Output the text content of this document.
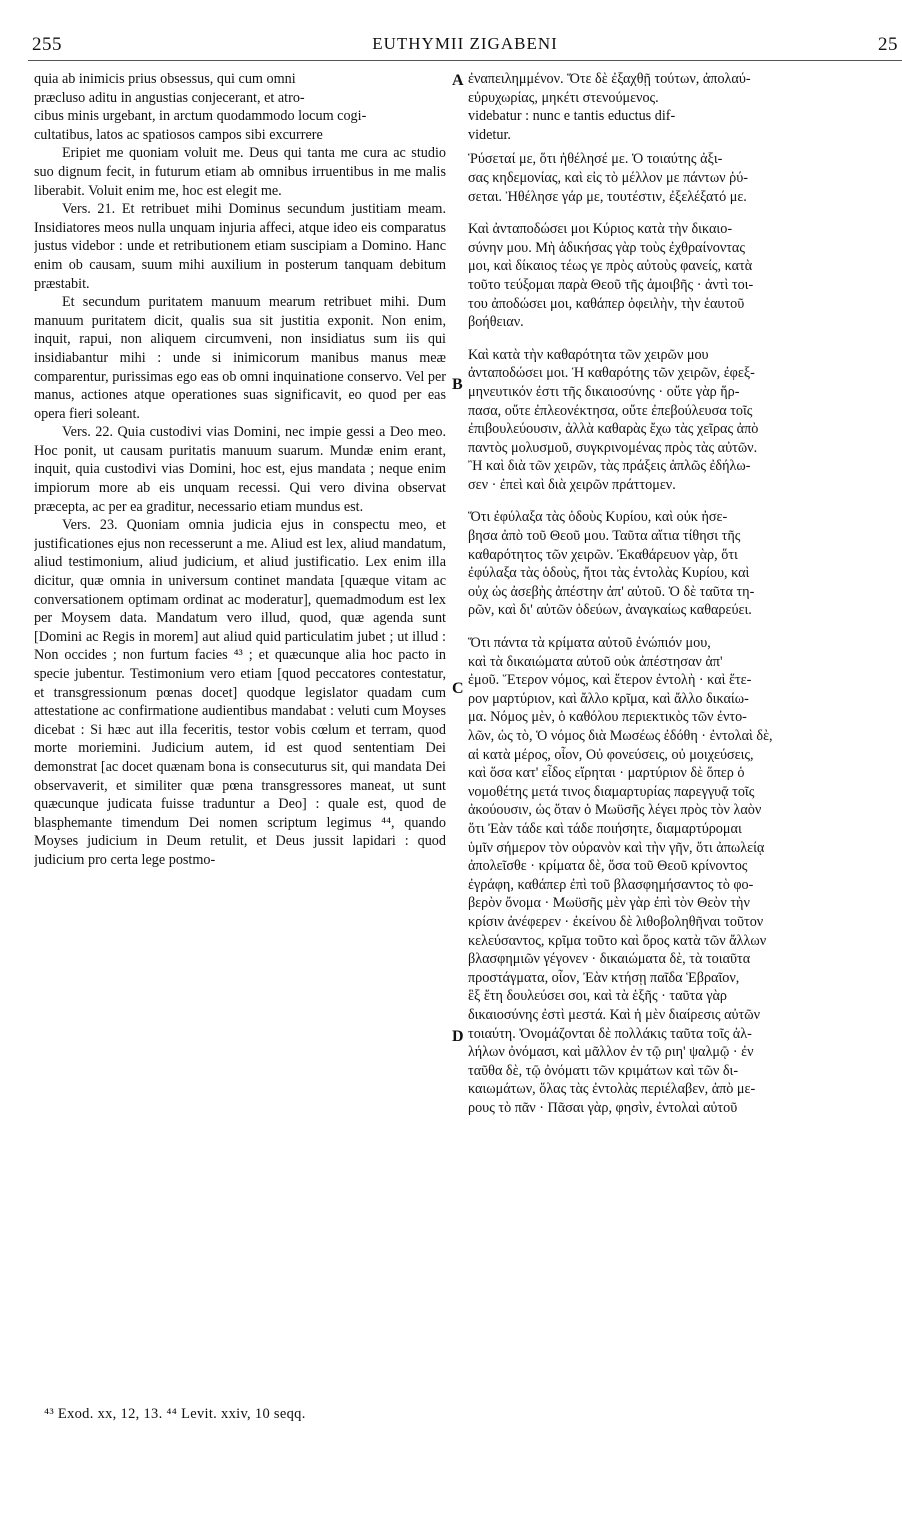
255	EUTHYMII ZIGABENI	25

quia ab inimicis prius obsessus, qui cum omni

præcluso aditu in angustias conjecerant, et atro-

cibus minis urgebant, in arctum quodammodo locum cogi-

cultatibus, latos ac spatiosos campos sibi excurrere

Eripiet me quoniam voluit me. Deus qui tanta me cura ac studio suo dignum fecit, in futurum etiam ab omnibus irruentibus in me malis liberabit. Voluit enim me, hoc est elegit me.

Vers. 21. Et retribuet mihi Dominus secundum justitiam meam. Insidiatores meos nulla unquam injuria affeci, atque ideo eis comparatus justus videbor : unde et retributionem etiam suscipiam a Domino. Hanc enim ob causam, suum mihi auxilium in posterum tanquam debitum præstabit.

Et secundum puritatem manuum mearum retribuet mihi. Dum manuum puritatem dicit, qualis sua sit justitia exponit. Non enim, inquit, rapui, non aliquem circumveni, non insidiatus sum iis qui insidiabantur mihi : unde si inimicorum manibus manus meæ comparentur, purissimas ego eas ob omni inquinatione conservo. Vel per manus, actiones atque operationes suas significavit, eo quod per eas opera fieri soleant.

Vers. 22. Quia custodivi vias Domini, nec impie gessi a Deo meo. Hoc ponit, ut causam puritatis manuum suarum. Mundæ enim erant, inquit, quia custodivi vias Domini, hoc est, ejus mandata ; neque enim impiorum more ab eis unquam recessi. Qui vero divina observat præcepta, ac per ea graditur, necessario etiam mundus est.

Vers. 23. Quoniam omnia judicia ejus in conspectu meo, et justificationes ejus non recesserunt a me. Aliud est lex, aliud mandatum, aliud testimonium, aliud judicium, et aliud justificatio. Lex enim illa dicitur, quæ omnia in universum continet mandata [quæque vitam ac conversationem optimam ordinat ac moderatur], quemadmodum est lex per Moysem data. Mandatum vero illud, quod, quæ agenda sunt [Domini ac Regis in morem] aut aliud quid particulatim jubet ; ut illud : Non occides ; non furtum facies ⁴³ ; et quæcunque alia hoc pacto in specie jubentur. Testimonium vero etiam [quod peccatores contestatur, et transgressionum pœnas docet] quodque legislator quadam cum attestatione ac confirmatione audientibus mandabat : veluti cum Moyses dicebat : Si hæc aut illa feceritis, testor vobis cœlum et terram, quod morte moriemini. Judicium autem, id est quod sententiam Dei demonstrat [ac docet quænam bona is consecuturus sit, qui mandata Dei observaverit, et similiter quæ pœna transgressores maneat, ut sunt quæcunque judicata fuisse traduntur a Deo] : quale est, quod de blasphemante timendum Dei nomen scriptum legimus ⁴⁴, quando Moyses judicium in Deum retulit, et Deus jussit lapidari : quod judicium pro certa lege postmo-

ἐναπειλημμένον. Ὅτε δὲ ἐξαχθῇ τούτων, ἀπολαύ-

εὐρυχωρίας, μηκέτι στενούμενος.

videbatur : nunc e tantis eductus dif-

videtur.

Ῥύσεταί με, ὅτι ἠθέλησέ με. Ὁ τοιαύτης ἀξι-

σας κηδεμονίας, καὶ εἰς τὸ μέλλον με πάντων ῥύ-

σεται. Ἠθέλησε γάρ με, τουτέστιν, ἐξελέξατό με.

Καὶ ἀνταποδώσει μοι Κύριος κατὰ τὴν δικαιο-

σύνην μου. Μὴ ἀδικήσας γὰρ τοὺς ἐχθραίνοντας

μοι, καὶ δίκαιος τέως γε πρὸς αὐτοὺς φανείς, κατὰ

τοῦτο τεύξομαι παρὰ Θεοῦ τῆς ἀμοιβῆς · ἀντὶ τοι-

του ἀποδώσει μοι, καθάπερ ὀφειλὴν, τὴν ἑαυτοῦ

βοήθειαν.

Καὶ κατὰ τὴν καθαρότητα τῶν χειρῶν μου

ἀνταποδώσει μοι. Ἡ καθαρότης τῶν χειρῶν, ἐφεξ-

μηνευτικόν ἐστι τῆς δικαιοσύνης · οὔτε γὰρ ἥρ-

πασα, οὔτε ἐπλεονέκτησα, οὔτε ἐπεβούλευσα τοῖς

ἐπιβουλεύουσιν, ἀλλὰ καθαρὰς ἔχω τὰς χεῖρας ἀπὸ

παντὸς μολυσμοῦ, συγκρινομένας πρὸς τὰς αὐτῶν.

Ἢ καὶ διὰ τῶν χειρῶν, τὰς πράξεις ἁπλῶς ἐδήλω-

σεν · ἐπεὶ καὶ διὰ χειρῶν πράττομεν.

Ὅτι ἐφύλαξα τὰς ὁδοὺς Κυρίου, καὶ οὐκ ἠσε-

βησα ἀπὸ τοῦ Θεοῦ μου. Ταῦτα αἴτια τίθησι τῆς

καθαρότητος τῶν χειρῶν. Ἐκαθάρευον γὰρ, ὅτι

ἐφύλαξα τὰς ὁδοὺς, ἤτοι τὰς ἐντολὰς Κυρίου, καὶ

οὐχ ὡς ἀσεβὴς ἀπέστην ἀπ' αὐτοῦ. Ὁ δὲ ταῦτα τη-

ρῶν, καὶ δι' αὐτῶν ὁδεύων, ἀναγκαίως καθαρεύει.

Ὅτι πάντα τὰ κρίματα αὐτοῦ ἐνώπιόν μου,

καὶ τὰ δικαιώματα αὐτοῦ οὐκ ἀπέστησαν ἀπ'

ἐμοῦ. Ἕτερον νόμος, καὶ ἕτερον ἐντολὴ · καὶ ἕτε-

ρον μαρτύριον, καὶ ἄλλο κρῖμα, καὶ ἄλλο δικαίω-

μα. Νόμος μὲν, ὁ καθόλου περιεκτικὸς τῶν ἐντο-

λῶν, ὡς τὸ, Ὁ νόμος διὰ Μωσέως ἐδόθη · ἐντολαὶ δὲ,

αἱ κατὰ μέρος, οἷον, Οὐ φονεύσεις, οὐ μοιχεύσεις,

καὶ ὅσα κατ' εἶδος εἴρηται · μαρτύριον δὲ ὅπερ ὁ

νομοθέτης μετά τινος διαμαρτυρίας παρεγγυᾷ τοῖς

ἀκούουσιν, ὡς ὅταν ὁ Μωϋσῆς λέγει πρὸς τὸν λαὸν

ὅτι Ἐὰν τάδε καὶ τάδε ποιήσητε, διαμαρτύρομαι

ὑμῖν σήμερον τὸν οὐρανὸν καὶ τὴν γῆν, ὅτι ἀπωλείᾳ

ἀπολεῖσθε · κρίματα δὲ, ὅσα τοῦ Θεοῦ κρίνοντος

ἐγράφη, καθάπερ ἐπὶ τοῦ βλασφημήσαντος τὸ φο-

βερὸν ὄνομα · Μωϋσῆς μὲν γὰρ ἐπὶ τὸν Θεὸν τὴν

κρίσιν ἀνέφερεν · ἐκείνου δὲ λιθοβοληθῆναι τοῦτον

κελεύσαντος, κρῖμα τοῦτο καὶ ὅρος κατὰ τῶν ἄλλων

βλασφημιῶν γέγονεν · δικαιώματα δὲ, τὰ τοιαῦτα

προστάγματα, οἷον, Ἐὰν κτήσῃ παῖδα Ἑβραῖον,

ἓξ ἔτη δουλεύσει σοι, καὶ τὰ ἑξῆς · ταῦτα γὰρ

δικαιοσύνης ἐστὶ μεστά. Καὶ ἡ μὲν διαίρεσις αὐτῶν

τοιαύτη. Ὀνομάζονται δὲ πολλάκις ταῦτα τοῖς ἀλ-

λήλων ὀνόμασι, καὶ μᾶλλον ἐν τῷ ριη' ψαλμῷ · ἐν

ταῦθα δὲ, τῷ ὀνόματι τῶν κριμάτων καὶ τῶν δι-

καιωμάτων, ὅλας τὰς ἐντολὰς περιέλαβεν, ἀπὸ με-

ρους τὸ πᾶν · Πᾶσαι γὰρ, φησὶν, ἐντολαὶ αὐτοῦ

A
B
C
D
⁴³ Exod. xx, 12, 13. ⁴⁴ Levit. xxiv, 10 seqq.
